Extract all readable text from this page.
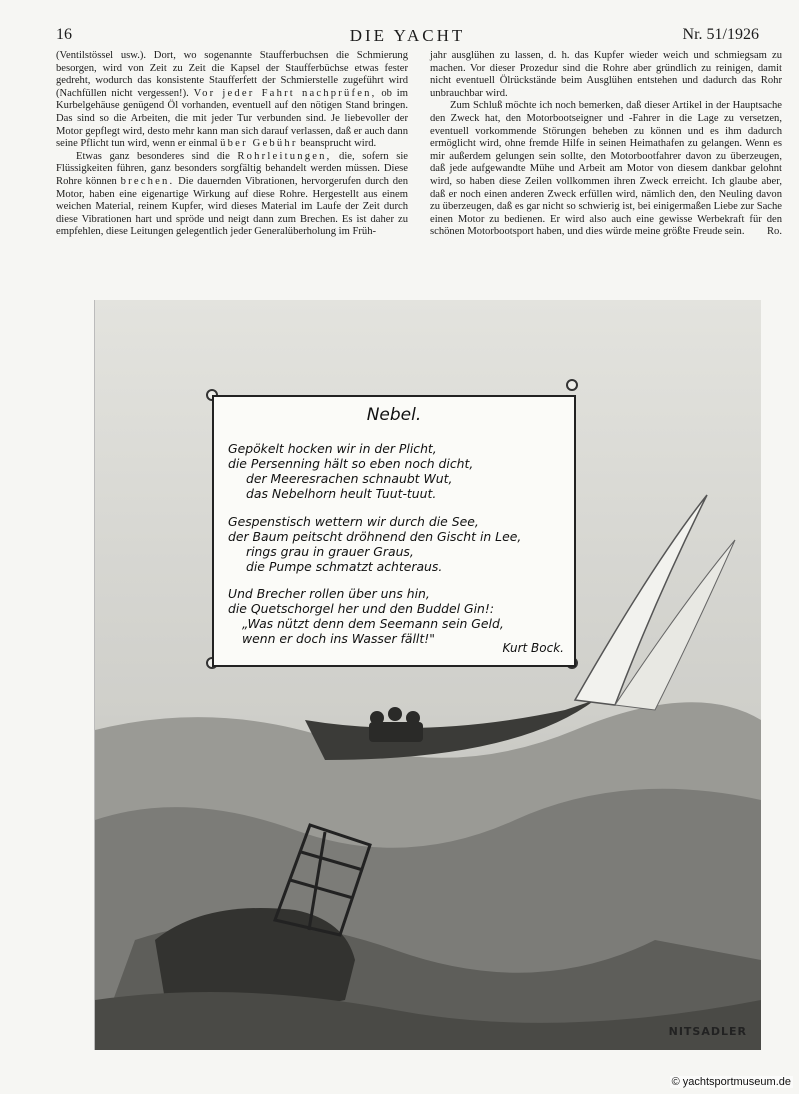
16	DIE YACHT	Nr. 51/1926

(Ventilstössel usw.). Dort, wo sogenannte Staufferbuchsen die Schmierung besorgen, wird von Zeit zu Zeit die Kapsel der Staufferbüchse etwas fester gedreht, wodurch das konsistente Staufferfett der Schmierstelle zugeführt wird (Nachfüllen nicht vergessen!). Vor jeder Fahrt nachprüfen, ob im Kurbelgehäuse genügend Öl vorhanden, eventuell auf den nötigen Stand bringen. Das sind so die Arbeiten, die mit jeder Tur verbunden sind. Je liebevoller der Motor gepflegt wird, desto mehr kann man sich darauf verlassen, daß er auch dann seine Pflicht tun wird, wenn er einmal über Gebühr beansprucht wird.

Etwas ganz besonderes sind die Rohrleitungen, die, sofern sie Flüssigkeiten führen, ganz besonders sorgfältig behandelt werden müssen. Diese Rohre können brechen. Die dauernden Vibrationen, hervorgerufen durch den Motor, haben eine eigenartige Wirkung auf diese Rohre. Hergestellt aus einem weichen Material, reinem Kupfer, wird dieses Material im Laufe der Zeit durch diese Vibrationen hart und spröde und neigt dann zum Brechen. Es ist daher zu empfehlen, diese Leitungen gelegentlich jeder Generalüberholung im Früh-

jahr ausglühen zu lassen, d. h. das Kupfer wieder weich und schmiegsam zu machen. Vor dieser Prozedur sind die Rohre aber gründlich zu reinigen, damit nicht eventuell Ölrückstände beim Ausglühen entstehen und dadurch das Rohr unbrauchbar wird.

Zum Schluß möchte ich noch bemerken, daß dieser Artikel in der Hauptsache den Zweck hat, den Motorbootseigner und -Fahrer in die Lage zu versetzen, eventuell vorkommende Störungen beheben zu können und es ihm dadurch ermöglicht wird, ohne fremde Hilfe in seinen Heimathafen zu gelangen. Wenn es mir außerdem gelungen sein sollte, den Motorbootfahrer davon zu überzeugen, daß jede aufgewandte Mühe und Arbeit am Motor von diesem dankbar gelohnt wird, so haben diese Zeilen vollkommen ihren Zweck erreicht. Ich glaube aber, daß er noch einen anderen Zweck erfüllen wird, nämlich den, den Neuling davon zu überzeugen, daß es gar nicht so schwierig ist, bei einigermaßen Liebe zur Sache einen Motor zu bedienen. Er wird also auch eine gewisse Werbekraft für den schönen Motorbootsport haben, und dies würde meine größte Freude sein.	Ro.

Nebel.
Gepökelt hocken wir in der Plicht,
die Persenning hält so eben noch dicht,
der Meeresrachen schnaubt Wut,
das Nebelhorn heult Tuut-tuut.
Gespenstisch wettern wir durch die See,
der Baum peitscht dröhnend den Gischt in Lee,
rings grau in grauer Graus,
die Pumpe schmatzt achteraus.
Und Brecher rollen über uns hin,
die Quetschorgel her und den Buddel Gin!:
„Was nützt denn dem Seemann sein Geld,
wenn er doch ins Wasser fällt!"
Kurt Bock.
NITSADLER
© yachtsportmuseum.de
